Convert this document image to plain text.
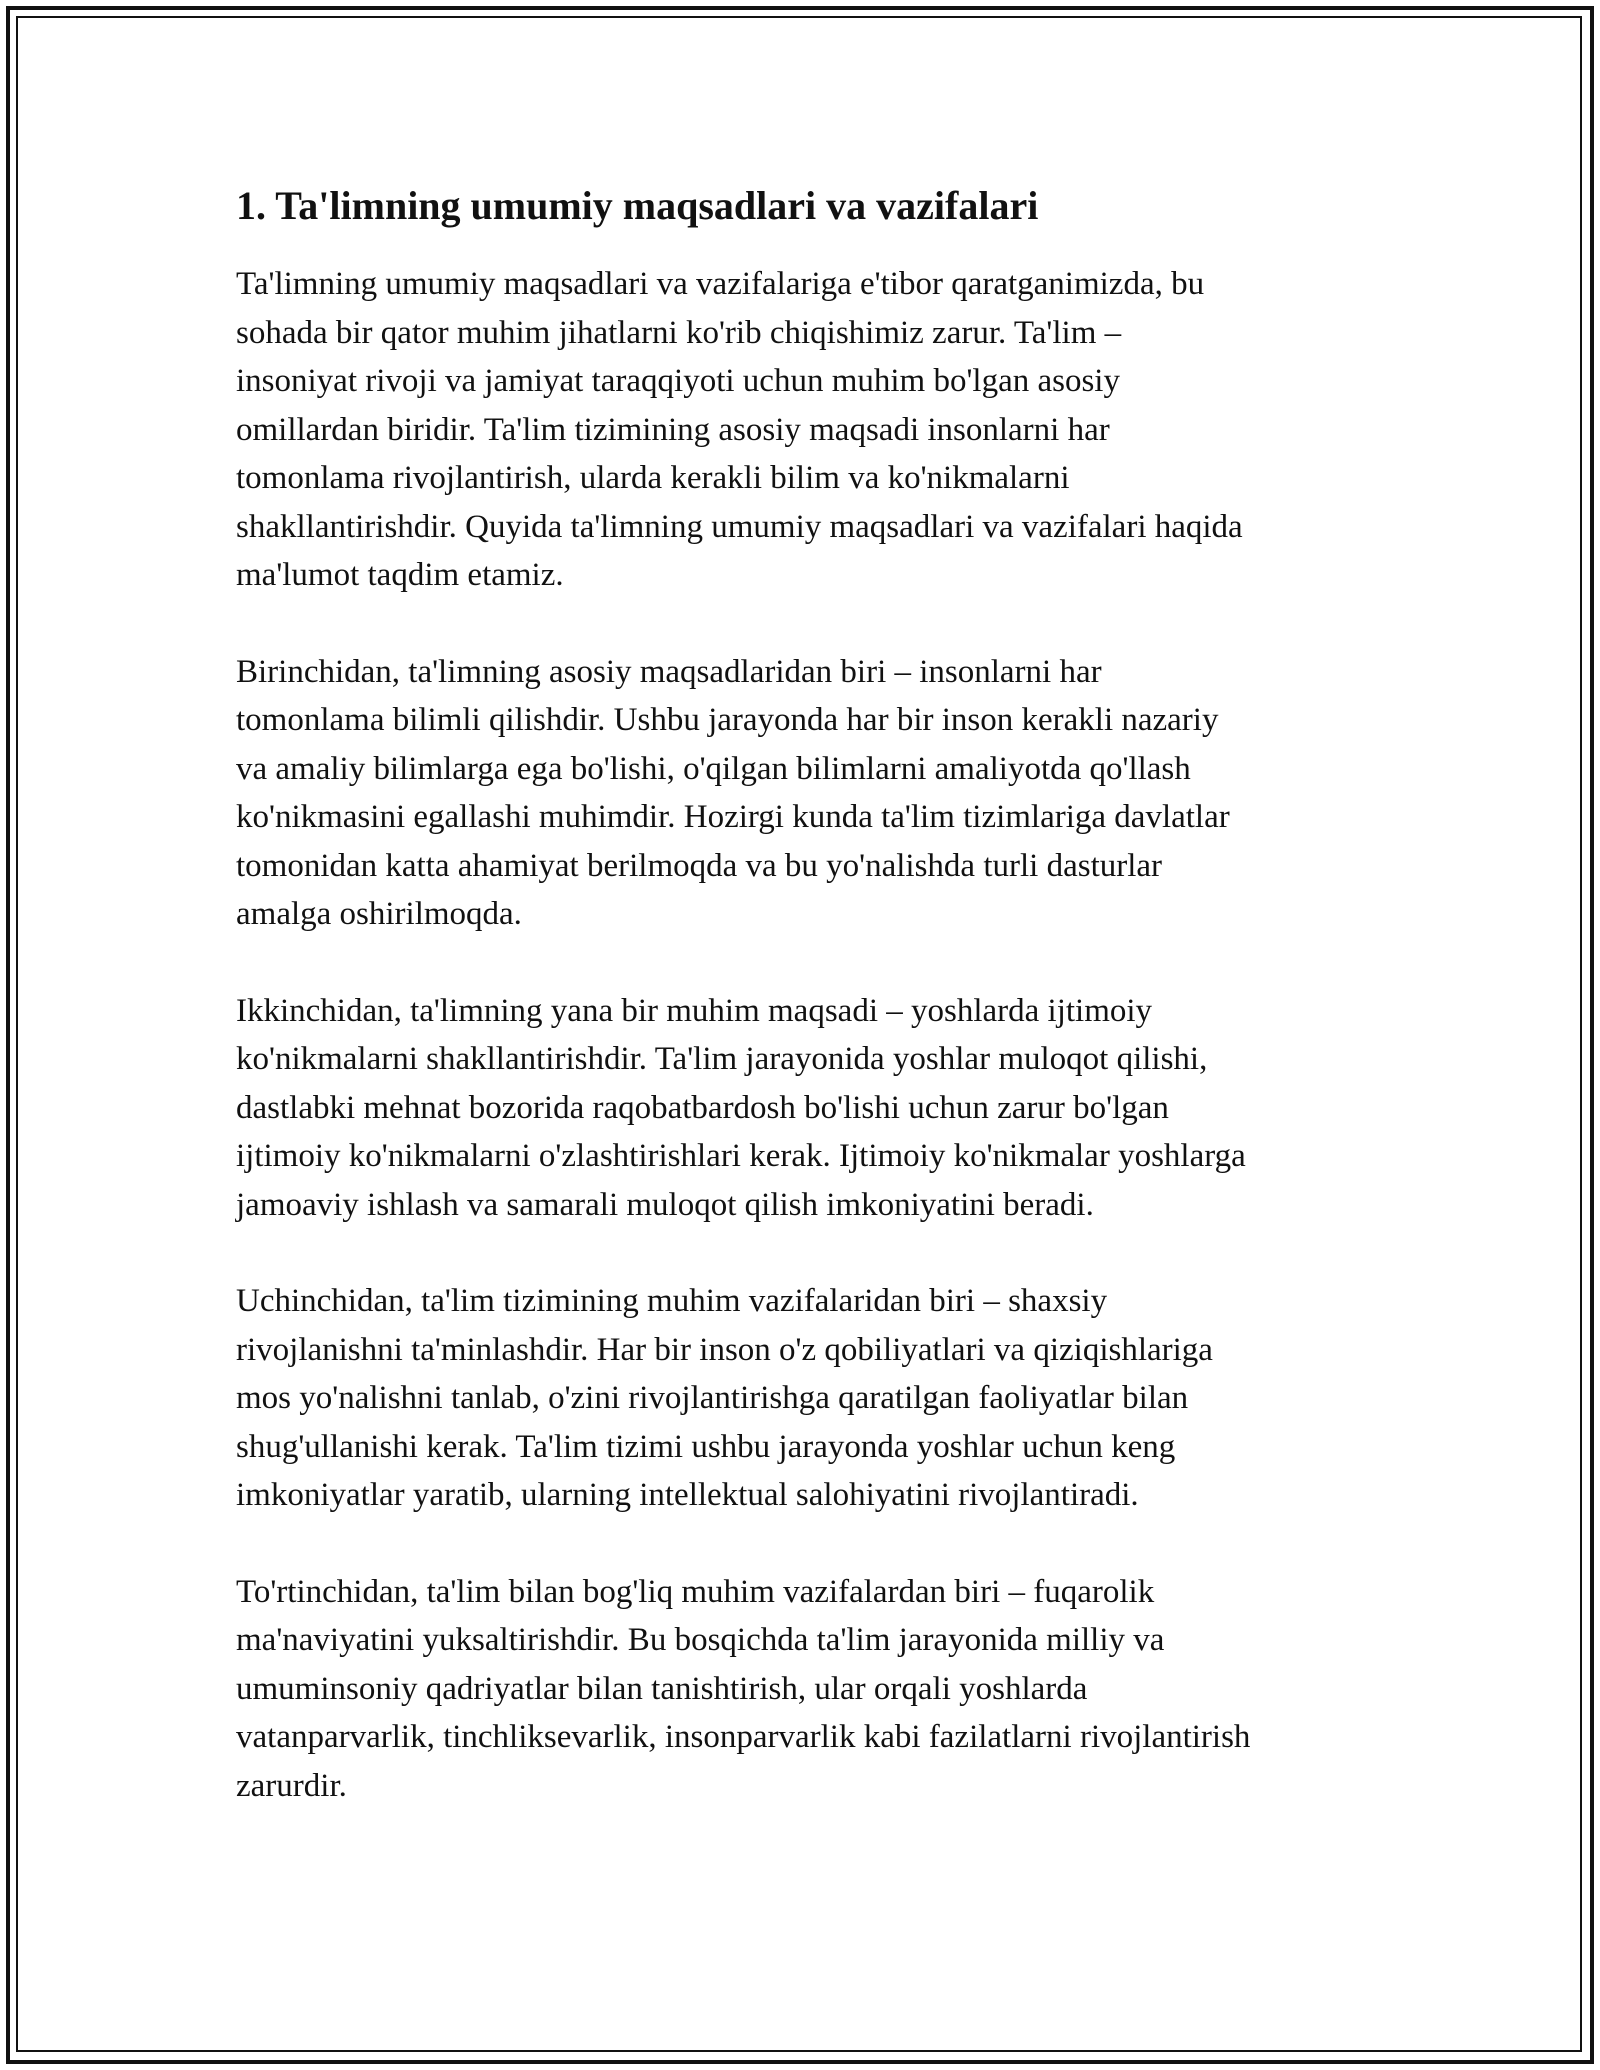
1. Ta'limning umumiy maqsadlari va vazifalari

Ta'limning umumiy maqsadlari va vazifalariga e'tibor qaratganimizda, bu
sohada bir qator muhim jihatlarni ko'rib chiqishimiz zarur. Ta'lim –
insoniyat rivoji va jamiyat taraqqiyoti uchun muhim bo'lgan asosiy
omillardan biridir. Ta'lim tizimining asosiy maqsadi insonlarni har
tomonlama rivojlantirish, ularda kerakli bilim va ko'nikmalarni
shakllantirishdir. Quyida ta'limning umumiy maqsadlari va vazifalari haqida
ma'lumot taqdim etamiz.

Birinchidan, ta'limning asosiy maqsadlaridan biri – insonlarni har
tomonlama bilimli qilishdir. Ushbu jarayonda har bir inson kerakli nazariy
va amaliy bilimlarga ega bo'lishi, o'qilgan bilimlarni amaliyotda qo'llash
ko'nikmasini egallashi muhimdir. Hozirgi kunda ta'lim tizimlariga davlatlar
tomonidan katta ahamiyat berilmoqda va bu yo'nalishda turli dasturlar
amalga oshirilmoqda.

Ikkinchidan, ta'limning yana bir muhim maqsadi – yoshlarda ijtimoiy
ko'nikmalarni shakllantirishdir. Ta'lim jarayonida yoshlar muloqot qilishi,
dastlabki mehnat bozorida raqobatbardosh bo'lishi uchun zarur bo'lgan
ijtimoiy ko'nikmalarni o'zlashtirishlari kerak. Ijtimoiy ko'nikmalar yoshlarga
jamoaviy ishlash va samarali muloqot qilish imkoniyatini beradi.

Uchinchidan, ta'lim tizimining muhim vazifalaridan biri – shaxsiy
rivojlanishni ta'minlashdir. Har bir inson o'z qobiliyatlari va qiziqishlariga
mos yo'nalishni tanlab, o'zini rivojlantirishga qaratilgan faoliyatlar bilan
shug'ullanishi kerak. Ta'lim tizimi ushbu jarayonda yoshlar uchun keng
imkoniyatlar yaratib, ularning intellektual salohiyatini rivojlantiradi.

To'rtinchidan, ta'lim bilan bog'liq muhim vazifalardan biri – fuqarolik
ma'naviyatini yuksaltirishdir. Bu bosqichda ta'lim jarayonida milliy va
umuminsoniy qadriyatlar bilan tanishtirish, ular orqali yoshlarda
vatanparvarlik, tinchliksevarlik, insonparvarlik kabi fazilatlarni rivojlantirish
zarurdir.
